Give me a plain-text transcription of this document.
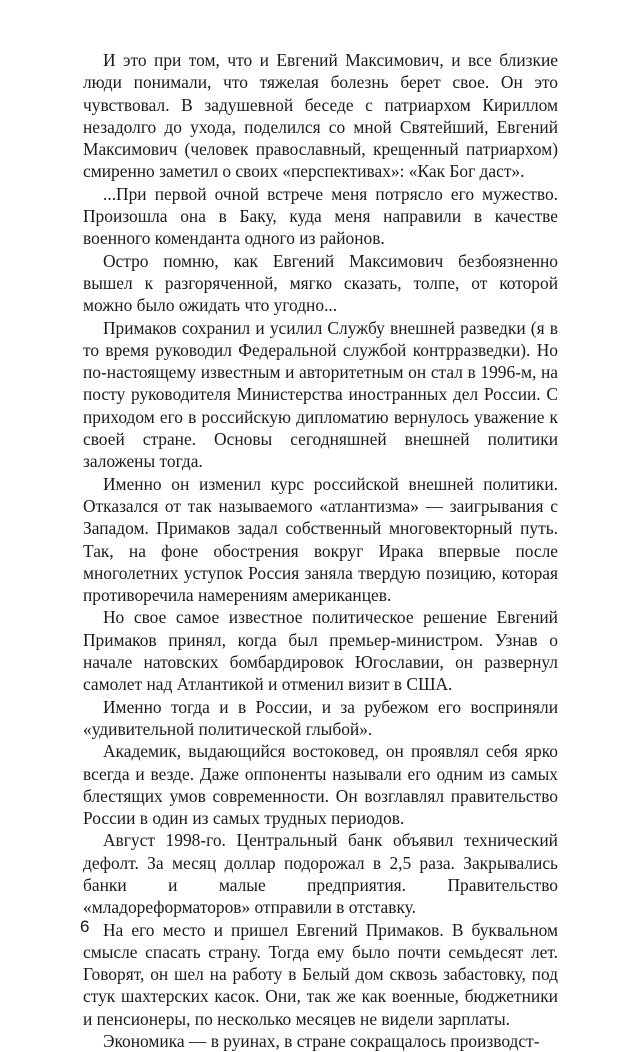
И это при том, что и Евгений Максимович, и все близкие люди понимали, что тяжелая болезнь берет свое. Он это чувствовал. В задушевной беседе с патриархом Кириллом незадолго до ухода, поделился со мной Святейший, Евгений Максимович (человек православный, крещенный патриархом) смиренно заметил о своих «перспективах»: «Как Бог даст».

...При первой очной встрече меня потрясло его мужество. Произошла она в Баку, куда меня направили в качестве военного коменданта одного из районов.

Остро помню, как Евгений Максимович безбоязненно вышел к разгоряченной, мягко сказать, толпе, от которой можно было ожидать что угодно...

Примаков сохранил и усилил Службу внешней разведки (я в то время руководил Федеральной службой контрразведки). Но по-настоящему известным и авторитетным он стал в 1996-м, на посту руководителя Министерства иностранных дел России. С приходом его в российскую дипломатию вернулось уважение к своей стране. Основы сегодняшней внешней политики заложены тогда.

Именно он изменил курс российской внешней политики. Отказался от так называемого «атлантизма» — заигрывания с Западом. Примаков задал собственный многовекторный путь. Так, на фоне обострения вокруг Ирака впервые после многолетних уступок Россия заняла твердую позицию, которая противоречила намерениям американцев.

Но свое самое известное политическое решение Евгений Примаков принял, когда был премьер-министром. Узнав о начале натовских бомбардировок Югославии, он развернул самолет над Атлантикой и отменил визит в США.

Именно тогда и в России, и за рубежом его восприняли «удивительной политической глыбой».

Академик, выдающийся востоковед, он проявлял себя ярко всегда и везде. Даже оппоненты называли его одним из самых блестящих умов современности. Он возглавлял правительство России в один из самых трудных периодов.

Август 1998-го. Центральный банк объявил технический дефолт. За месяц доллар подорожал в 2,5 раза. Закрывались банки и малые предприятия. Правительство «младореформаторов» отправили в отставку.

На его место и пришел Евгений Примаков. В буквальном смысле спасать страну. Тогда ему было почти семьдесят лет. Говорят, он шел на работу в Белый дом сквозь забастовку, под стук шахтерских касок. Они, так же как военные, бюджетники и пенсионеры, по несколько месяцев не видели зарплаты.

Экономика — в руинах, в стране сокращалось производст-

6
